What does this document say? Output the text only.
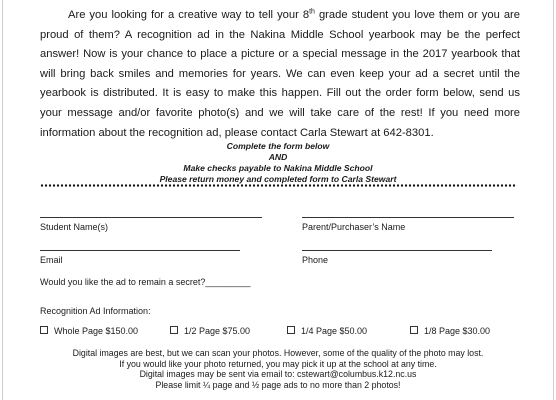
Are you looking for a creative way to tell your 8th grade student you love them or you are proud of them? A recognition ad in the Nakina Middle School yearbook may be the perfect answer! Now is your chance to place a picture or a special message in the 2017 yearbook that will bring back smiles and memories for years. We can even keep your ad a secret until the yearbook is distributed. It is easy to make this happen. Fill out the order form below, send us your message and/or favorite photo(s) and we will take care of the rest! If you need more information about the recognition ad, please contact Carla Stewart at 642-8301.
Complete the form below
AND
Make checks payable to Nakina Middle School
Please return money and completed form to Carla Stewart
Student Name(s)	Parent/Purchaser’s Name
Email	Phone
Would you like the ad to remain a secret?_________
Recognition Ad Information:
Whole Page $150.00	1/2 Page $75.00	1/4 Page $50.00	1/8 Page $30.00
Digital images are best, but we can scan your photos. However, some of the quality of the photo may lost.
If you would like your photo returned, you may pick it up at the school at any time.
Digital images may be sent via email to: cstewart@columbus.k12.nc.us
Please limit ¼ page and ½ page ads to no more than 2 photos!
